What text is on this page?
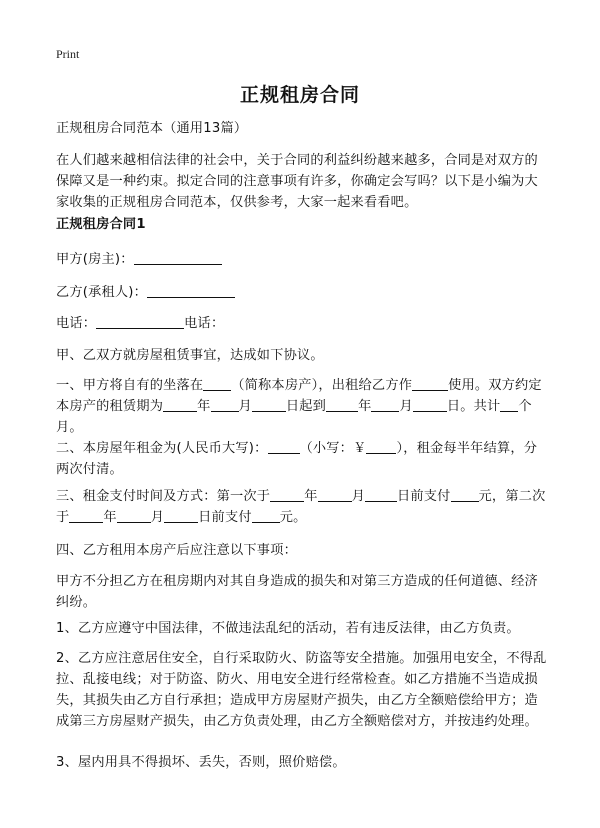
Print
正规租房合同
正规租房合同范本（通用13篇）
在人们越来越相信法律的社会中，关于合同的利益纠纷越来越多，合同是对双方的保障又是一种约束。拟定合同的注意事项有许多，你确定会写吗？以下是小编为大家收集的正规租房合同范本，仅供参考，大家一起来看看吧。
正规租房合同1
甲方(房主)：
乙方(承租人)：
电话：	电话：
甲、乙双方就房屋租赁事宜，达成如下协议。
一、甲方将自有的坐落在 （简称本房产），出租给乙方作	使用。双方约定本房产的租赁期为	年 月	日起到 年 月	日。共计 个月。
二、本房屋年租金为(人民币大写)： （小写：￥ ），租金每半年结算，分两次付清。
三、租金支付时间及方式：第一次于	年	月 日前支付 元，第二次于	年	月	日前支付 元。
四、乙方租用本房产后应注意以下事项：
甲方不分担乙方在租房期内对其自身造成的损失和对第三方造成的任何道德、经济纠纷。
1、乙方应遵守中国法律，不做违法乱纪的活动，若有违反法律，由乙方负责。
2、乙方应注意居住安全，自行采取防火、防盗等安全措施。加强用电安全，不得乱拉、乱接电线；对于防盗、防火、用电安全进行经常检查。如乙方措施不当造成损失，其损失由乙方自行承担；造成甲方房屋财产损失，由乙方全额赔偿给甲方；造成第三方房屋财产损失，由乙方负责处理，由乙方全额赔偿对方，并按违约处理。
3、屋内用具不得损坏、丢失，否则，照价赔偿。
